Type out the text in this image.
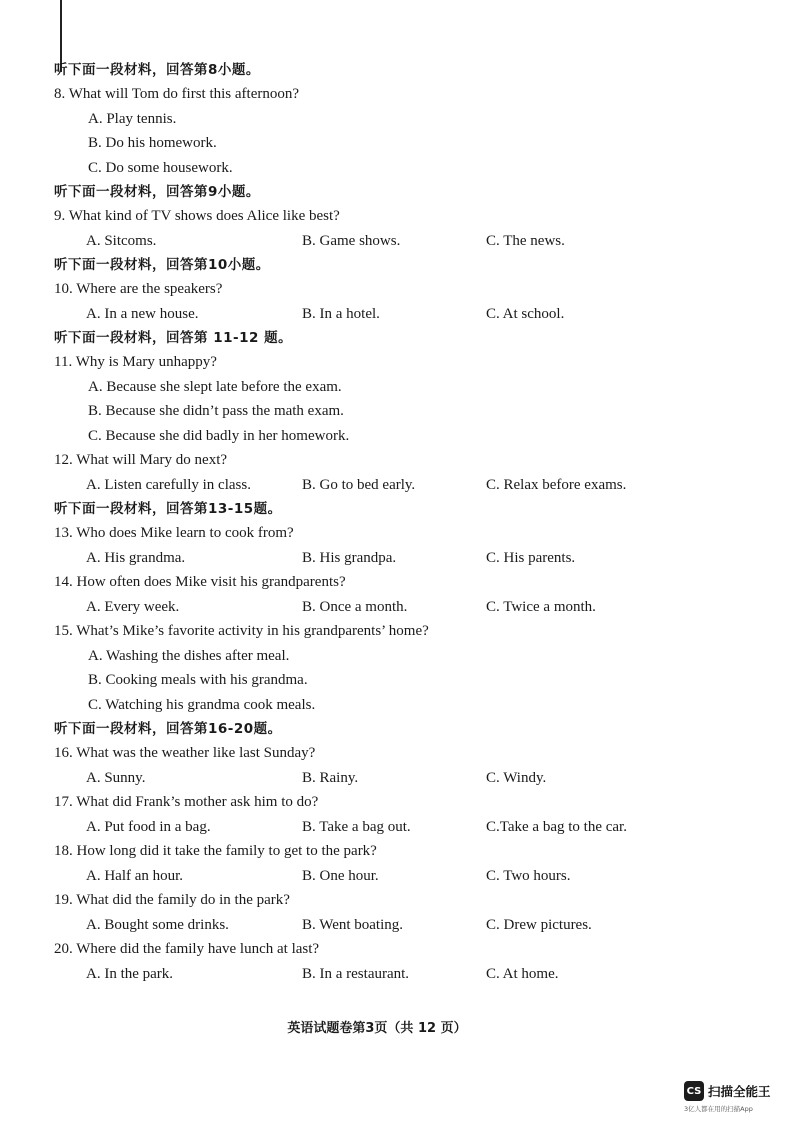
听下面一段材料，回答第8小题。
8. What will Tom do first this afternoon?
A. Play tennis.
B. Do his homework.
C. Do some housework.
听下面一段材料，回答第9小题。
9. What kind of TV shows does Alice like best?
A. Sitcoms.	B. Game shows.	C. The news.
听下面一段材料，回答第10小题。
10. Where are the speakers?
A. In a new house.	B. In a hotel.	C. At school.
听下面一段材料，回答第 11-12 题。
11. Why is Mary unhappy?
A. Because she slept late before the exam.
B. Because she didn’t pass the math exam.
C. Because she did badly in her homework.
12. What will Mary do next?
A. Listen carefully in class.	B. Go to bed early.	C. Relax before exams.
听下面一段材料，回答第13-15题。
13. Who does Mike learn to cook from?
A. His grandma.	B. His grandpa.	C. His parents.
14. How often does Mike visit his grandparents?
A. Every week.	B. Once a month.	C. Twice a month.
15. What’s Mike’s favorite activity in his grandparents’ home?
A. Washing the dishes after meal.
B. Cooking meals with his grandma.
C. Watching his grandma cook meals.
听下面一段材料，回答第16-20题。
16. What was the weather like last Sunday?
A. Sunny.	B. Rainy.	C. Windy.
17. What did Frank’s mother ask him to do?
A. Put food in a bag.	B. Take a bag out.	C.Take a bag to the car.
18. How long did it take the family to get to the park?
A. Half an hour.	B. One hour.	C. Two hours.
19. What did the family do in the park?
A. Bought some drinks.	B. Went boating.	C. Drew pictures.
20. Where did the family have lunch at last?
A. In the park.	B. In a restaurant.	C. At home.
英语试题卷第3页（共 12 页）
CS 扫描全能王
3亿人都在用的扫描App
